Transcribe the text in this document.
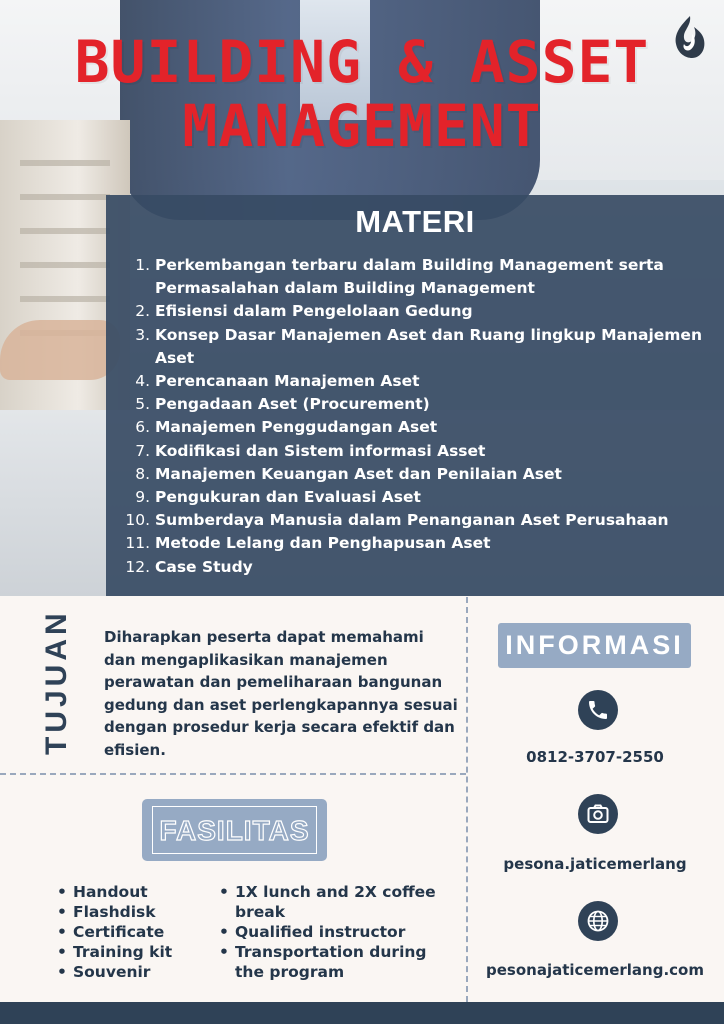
BUILDING & ASSET
MANAGEMENT
MATERI
1. Perkembangan terbaru dalam Building Management serta Permasalahan dalam Building Management
2. Efisiensi dalam Pengelolaan Gedung
3. Konsep Dasar Manajemen Aset dan Ruang lingkup Manajemen Aset
4. Perencanaan Manajemen Aset
5. Pengadaan Aset (Procurement)
6. Manajemen Penggudangan Aset
7. Kodifikasi dan Sistem informasi Asset
8. Manajemen Keuangan Aset dan Penilaian Aset
9. Pengukuran dan Evaluasi Aset
10. Sumberdaya Manusia dalam Penanganan Aset Perusahaan
11. Metode Lelang dan Penghapusan Aset
12. Case Study
TUJUAN Diharapkan peserta dapat memahami dan mengaplikasikan manajemen perawatan dan pemeliharaan bangunan gedung dan aset perlengkapannya sesuai dengan prosedur kerja secara efektif dan efisien.
INFORMASI
0812-3707-2550
pesona.jaticemerlang
pesonajaticemerlang.com
FASILITAS
• Handout
• Flashdisk
• Certificate
• Training kit
• Souvenir
• 1X lunch and 2X coffee break
• Qualified instructor
• Transportation during the program
